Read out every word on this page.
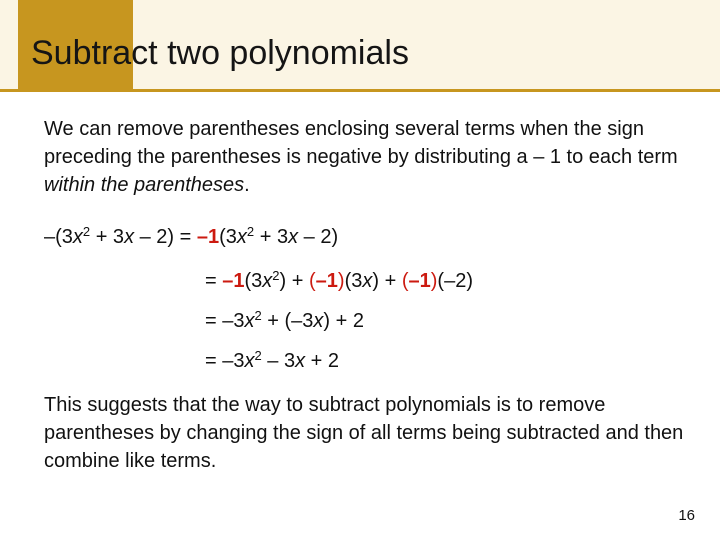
Subtract two polynomials

We can remove parentheses enclosing several terms when the sign preceding the parentheses is negative by distributing a – 1 to each term within the parentheses.

$-(3x^2 + 3x - 2) = -1(3x^2 + 3x - 2)$
= $-1(3x^2) + (-1)(3x) + (-1)(-2)$
= $-3x^2 + (-3x) + 2$
= $-3x^2 - 3x + 2$

This suggests that the way to subtract polynomials is to remove parentheses by changing the sign of all terms being subtracted and then combine like terms.

16
